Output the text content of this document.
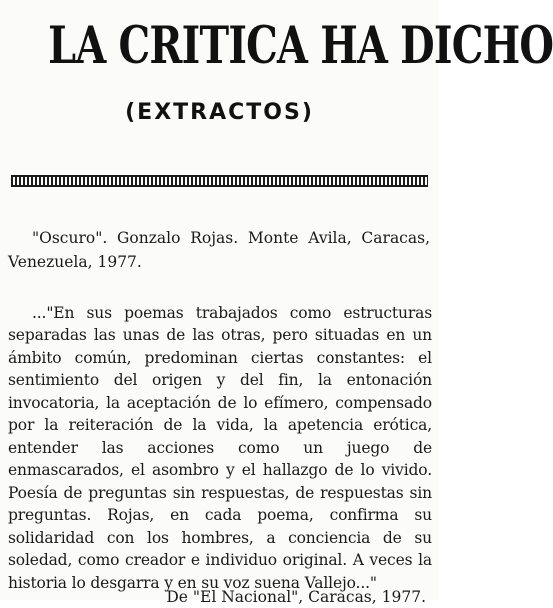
LA CRITICA HA DICHO
(EXTRACTOS)

"Oscuro". Gonzalo Rojas. Monte Avila, Caracas, Venezuela, 1977.

..."En sus poemas trabajados como estructuras separadas las unas de las otras, pero situadas en un ámbito común, predominan ciertas constantes: el sentimiento del origen y del fin, la entonación invocatoria, la aceptación de lo efímero, compensado por la reiteración de la vida, la apetencia erótica, entender las acciones como un juego de enmascarados, el asombro y el hallazgo de lo vivido. Poesía de preguntas sin respuestas, de respuestas sin preguntas. Rojas, en cada poema, confirma su solidaridad con los hombres, a conciencia de su soledad, como creador e individuo original. A veces la historia lo desgarra y en su voz suena Vallejo..."

De "El Nacional", Caracas, 1977.
